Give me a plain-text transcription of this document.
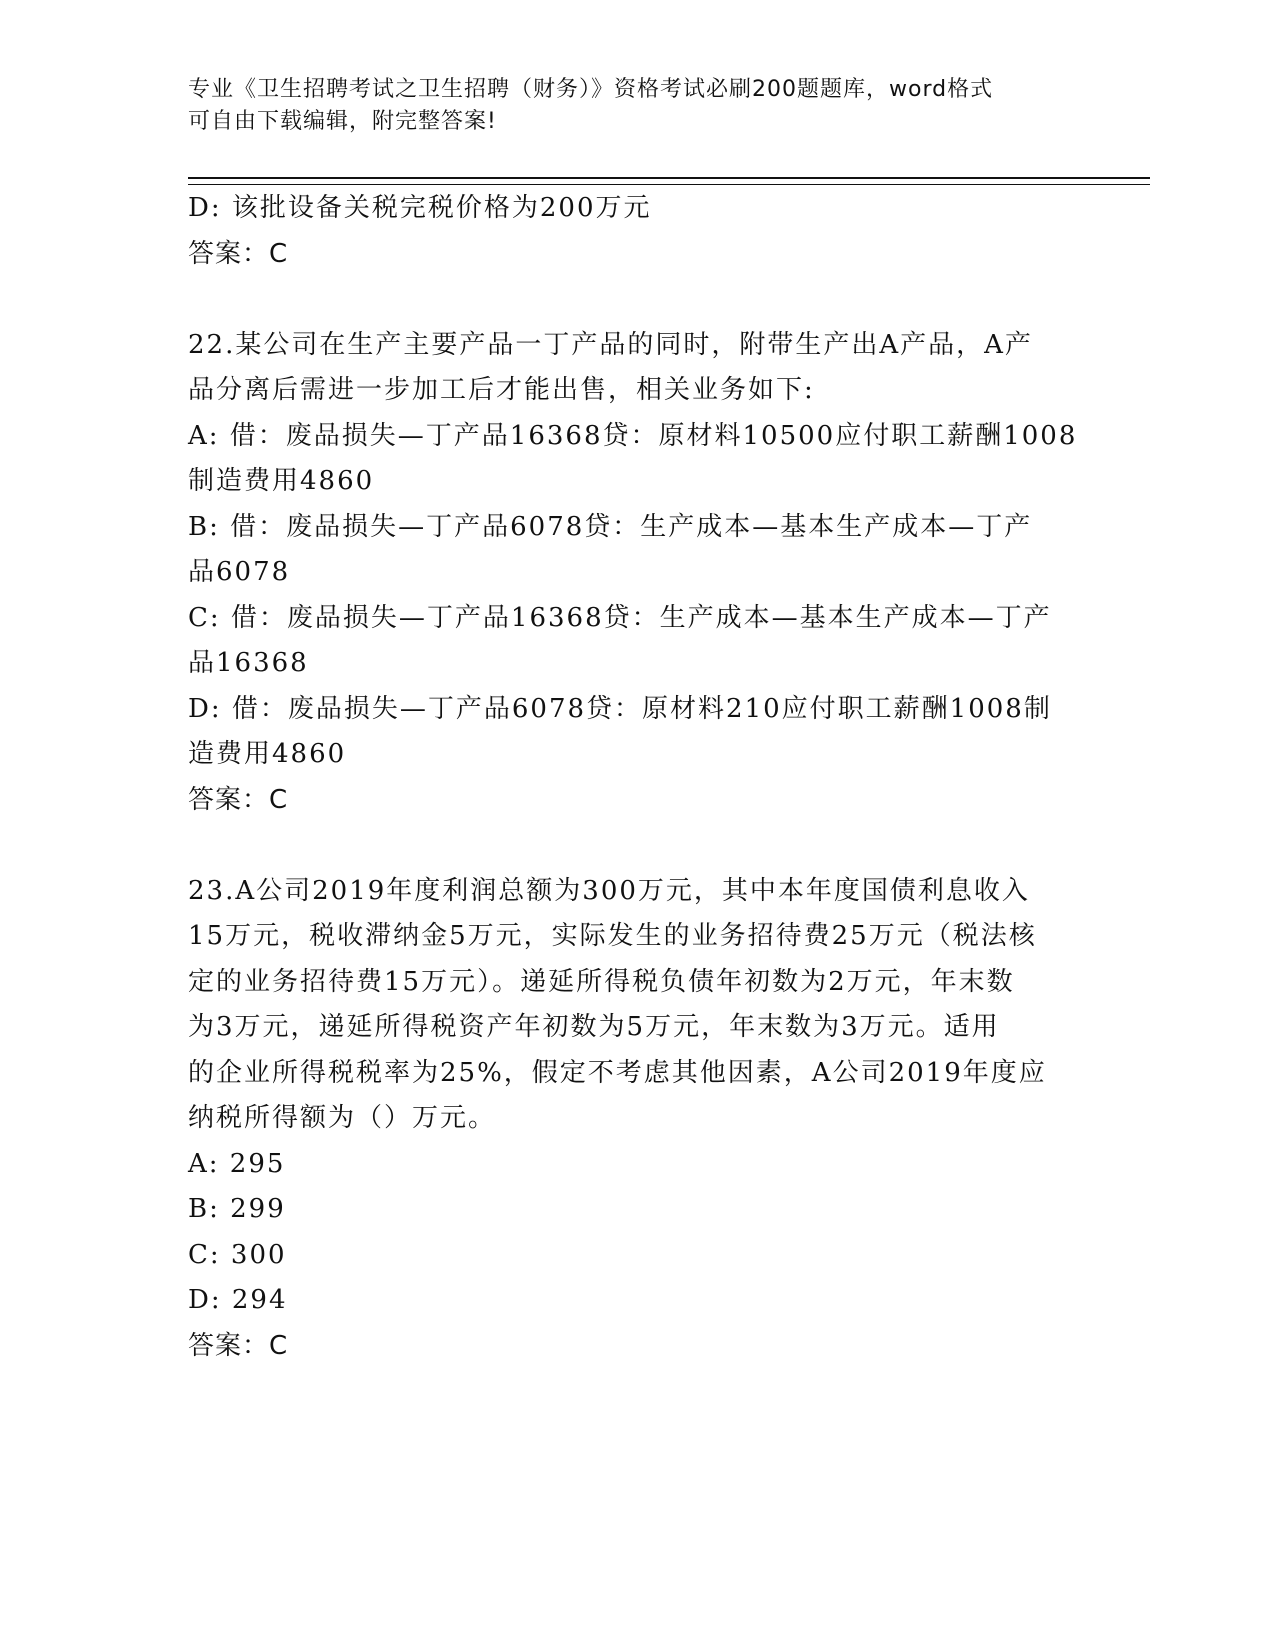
专业《卫生招聘考试之卫生招聘（财务）》资格考试必刷200题题库，word格式
可自由下载编辑，附完整答案!
D: 该批设备关税完税价格为200万元
答案：C
22.某公司在生产主要产品一丁产品的同时，附带生产出A产品，A产
品分离后需进一步加工后才能出售，相关业务如下:
A: 借：废品损失—丁产品16368贷：原材料10500应付职工薪酬1008
制造费用4860
B: 借：废品损失—丁产品6078贷：生产成本—基本生产成本—丁产
品6078
C: 借：废品损失—丁产品16368贷：生产成本—基本生产成本—丁产
品16368
D: 借：废品损失—丁产品6078贷：原材料210应付职工薪酬1008制
造费用4860
答案：C
23.A公司2019年度利润总额为300万元，其中本年度国债利息收入
15万元，税收滞纳金5万元，实际发生的业务招待费25万元（税法核
定的业务招待费15万元）。递延所得税负债年初数为2万元，年末数
为3万元，递延所得税资产年初数为5万元，年末数为3万元。适用
的企业所得税税率为25%，假定不考虑其他因素，A公司2019年度应
纳税所得额为（）万元。
A: 295
B: 299
C: 300
D: 294
答案：C
